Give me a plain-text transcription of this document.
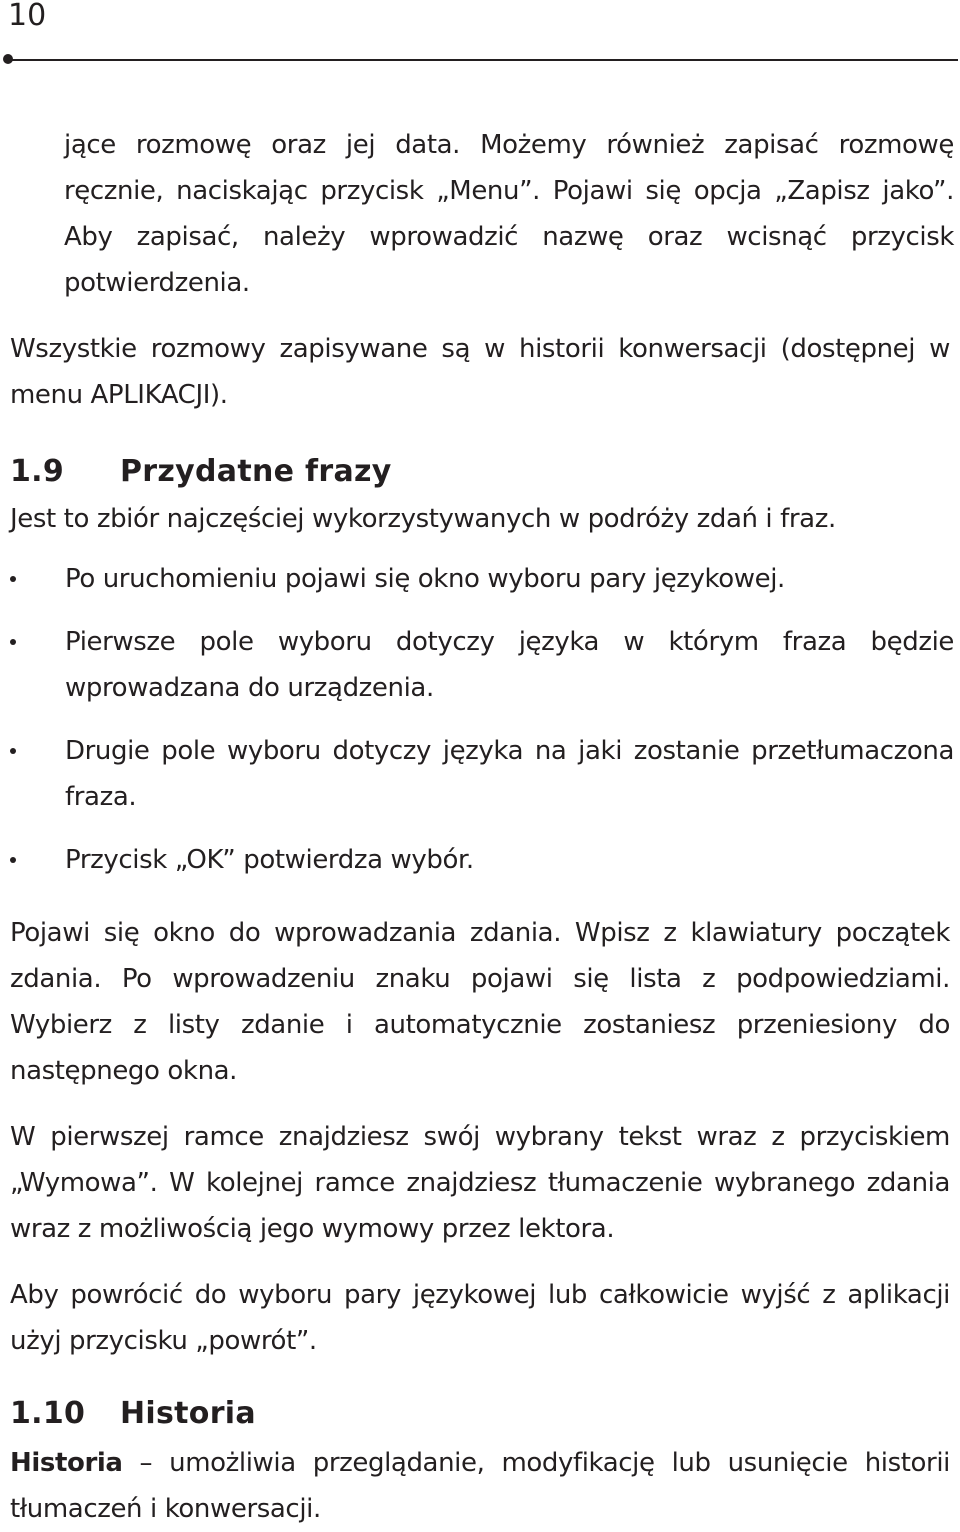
10

jące rozmowę oraz jej data. Możemy również zapisać rozmowę ręcznie, naciskając przycisk „Menu”. Pojawi się opcja „Zapisz jako”. Aby zapisać, należy wprowadzić nazwę oraz wcisnąć przycisk potwierdzenia.

Wszystkie rozmowy zapisywane są w historii konwersacji (dostępnej w menu APLIKACJI).

1.9 Przydatne frazy

Jest to zbiór najczęściej wykorzystywanych w podróży zdań i fraz.

Po uruchomieniu pojawi się okno wyboru pary językowej.
Pierwsze pole wyboru dotyczy języka w którym fraza będzie wprowadzana do urządzenia.
Drugie pole wyboru dotyczy języka na jaki zostanie przetłumaczona fraza.
Przycisk „OK” potwierdza wybór.

Pojawi się okno do wprowadzania zdania. Wpisz z klawiatury początek zdania. Po wprowadzeniu znaku pojawi się lista z podpowiedziami. Wybierz z listy zdanie i automatycznie zostaniesz przeniesiony do następnego okna.

W pierwszej ramce znajdziesz swój wybrany tekst wraz z przyciskiem „Wymowa”. W kolejnej ramce znajdziesz tłumaczenie wybranego zdania wraz z możliwością jego wymowy przez lektora.

Aby powrócić do wyboru pary językowej lub całkowicie wyjść z aplikacji użyj przycisku „powrót”.

1.10 Historia

Historia – umożliwia przeglądanie, modyfikację lub usunięcie historii tłumaczeń i konwersacji.
